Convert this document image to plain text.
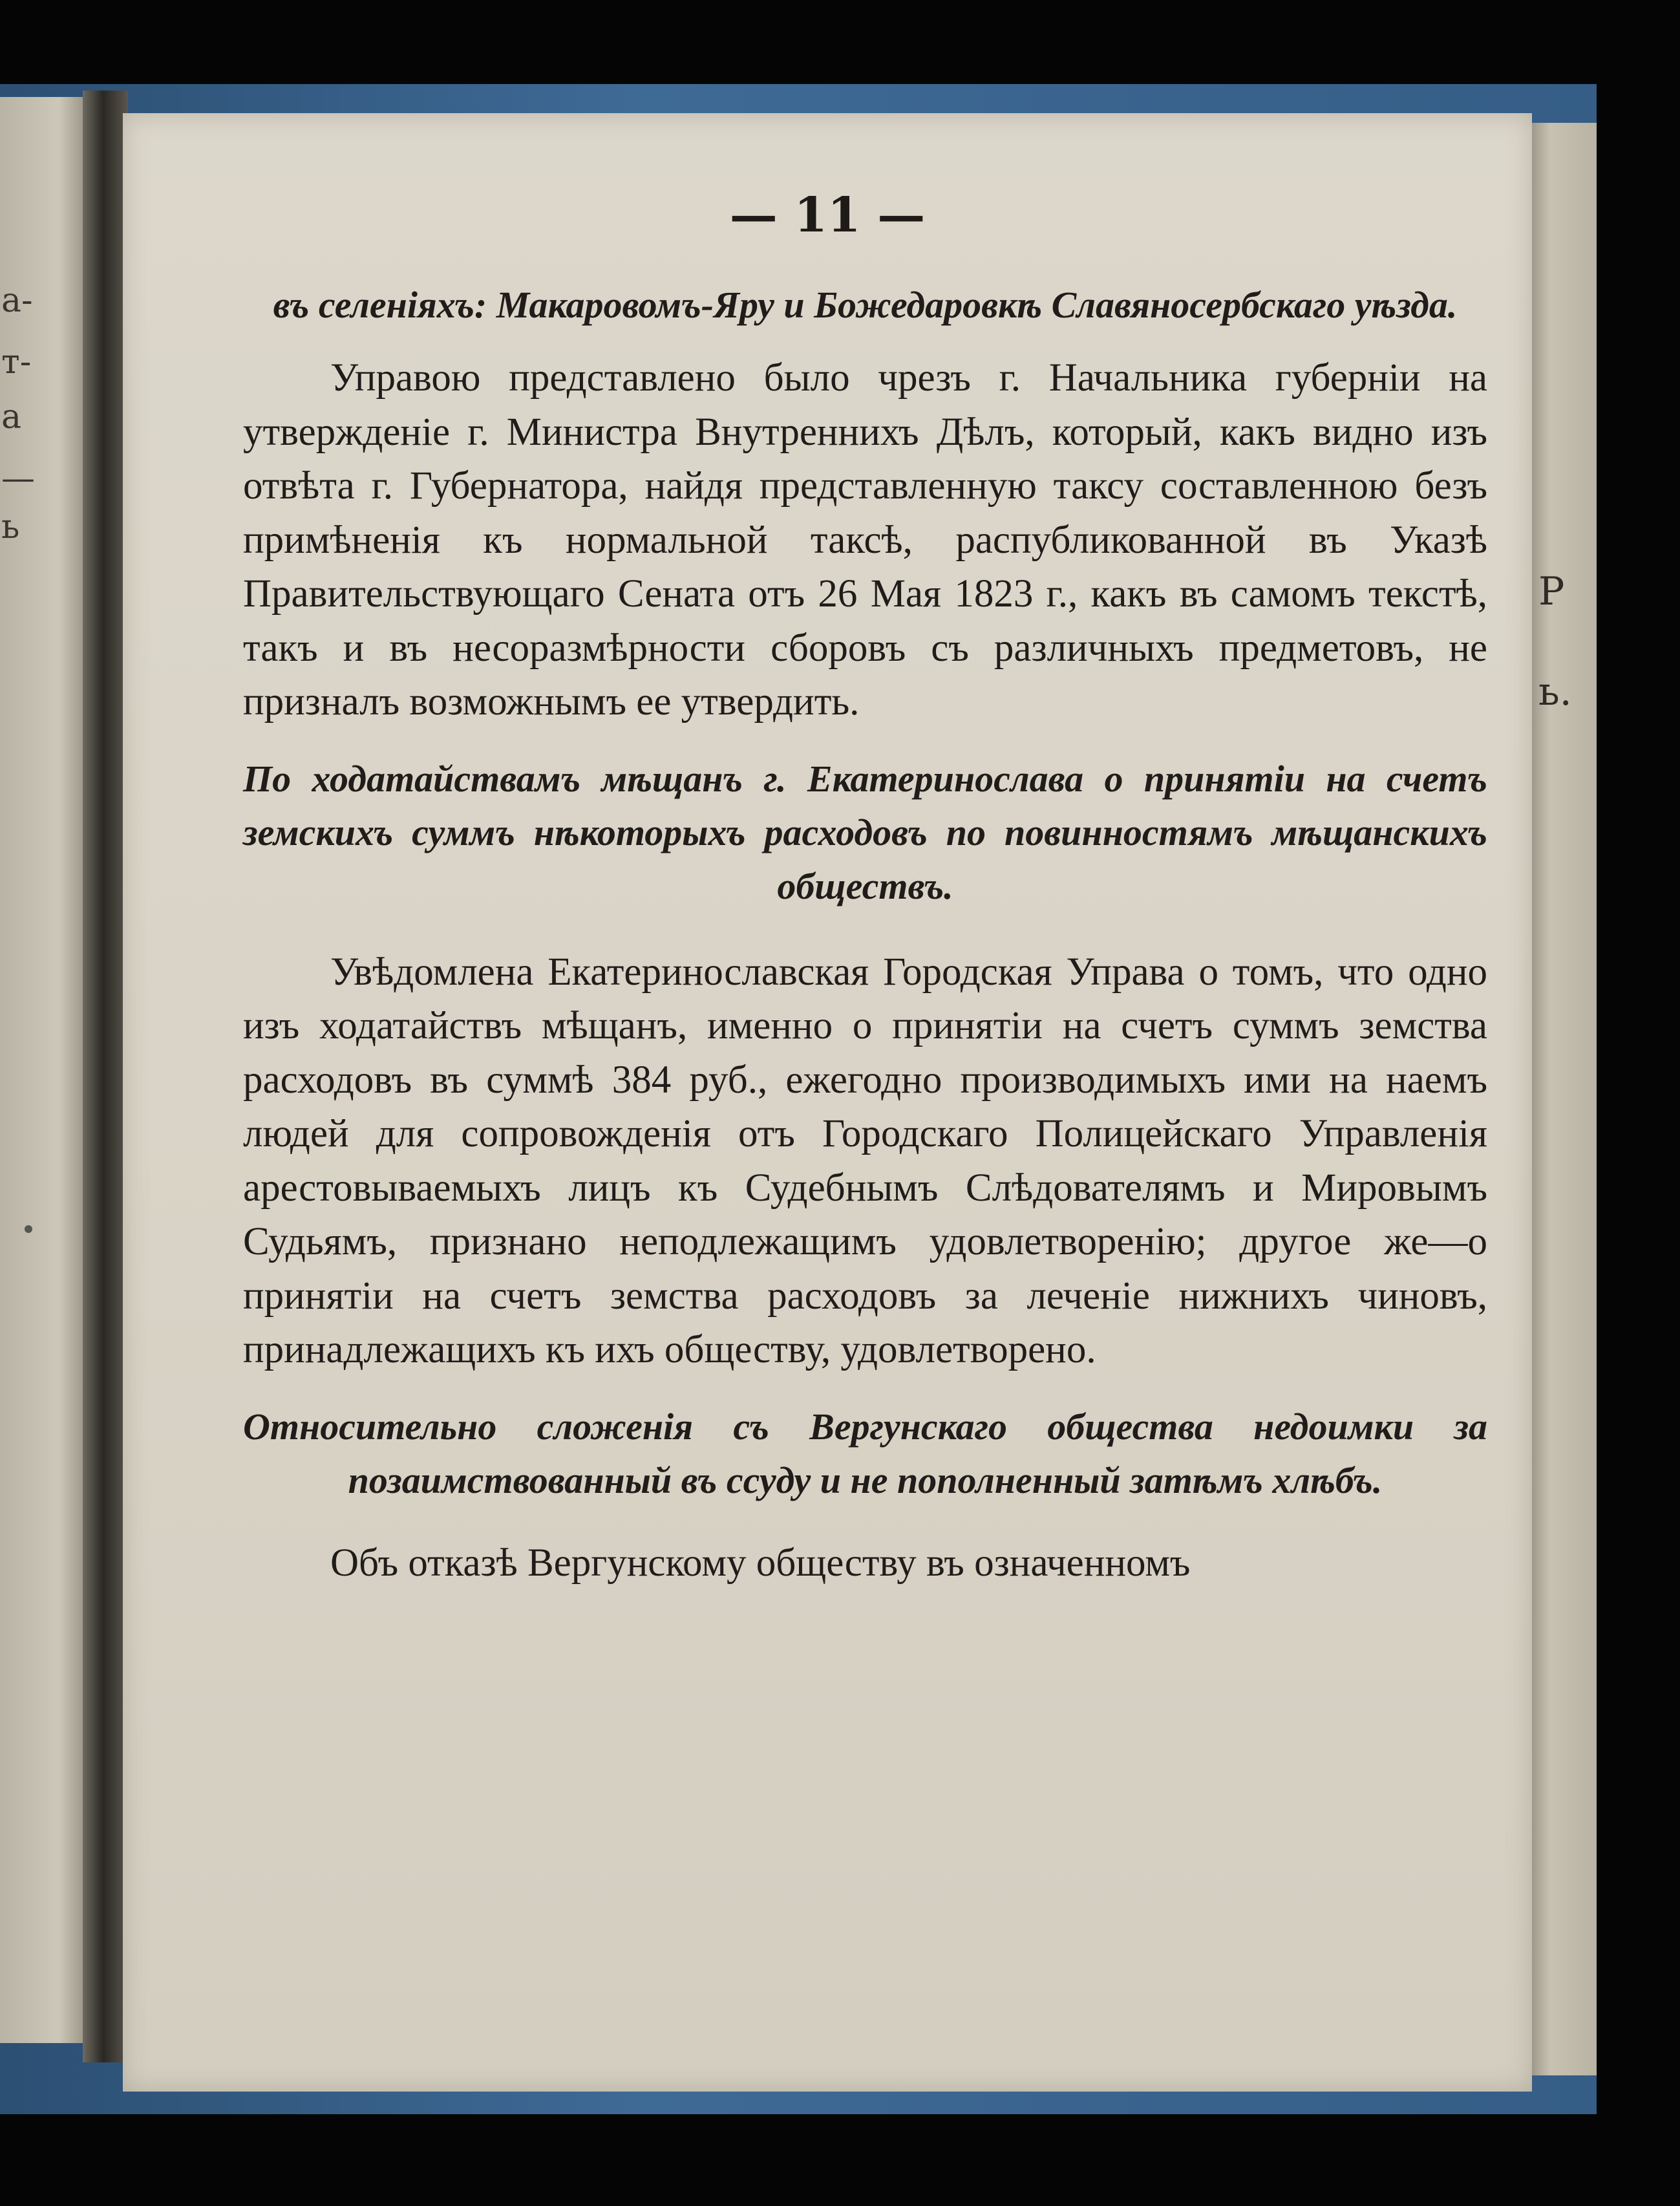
а-
т-
а
—
ь
P
ь.
— 11 —

въ селеніяхъ: Макаровомъ-Яру и Божедаровкѣ Славяносербскаго уѣзда.

Управою представлено было чрезъ г. Начальника губерніи на утвержденіе г. Министра Внутреннихъ Дѣлъ, который, какъ видно изъ отвѣта г. Губернатора, найдя представленную таксу составленною безъ примѣненія къ нормальной таксѣ, распубликованной въ Указѣ Правительствующаго Сената отъ 26 Мая 1823 г., какъ въ самомъ текстѣ, такъ и въ несоразмѣрности сборовъ съ различныхъ предметовъ, не призналъ возможнымъ ее утвердить.

По ходатайствамъ мѣщанъ г. Екатеринослава о принятіи на счетъ земскихъ суммъ нѣкоторыхъ расходовъ по повинностямъ мѣщанскихъ обществъ.

Увѣдомлена Екатеринославская Городская Управа о томъ, что одно изъ ходатайствъ мѣщанъ, именно о принятіи на счетъ суммъ земства расходовъ въ суммѣ 384 руб., ежегодно производимыхъ ими на наемъ людей для сопровожденія отъ Городскаго Полицейскаго Управленія арестовываемыхъ лицъ къ Судебнымъ Слѣдователямъ и Мировымъ Судьямъ, признано неподлежащимъ удовлетворенію; другое же—о принятіи на счетъ земства расходовъ за леченіе нижнихъ чиновъ, принадлежащихъ къ ихъ обществу, удовлетворено.

Относительно сложенія съ Вергунскаго общества недоимки за позаимствованный въ ссуду и не пополненный затѣмъ хлѣбъ.

Объ отказѣ Вергунскому обществу въ означенномъ
